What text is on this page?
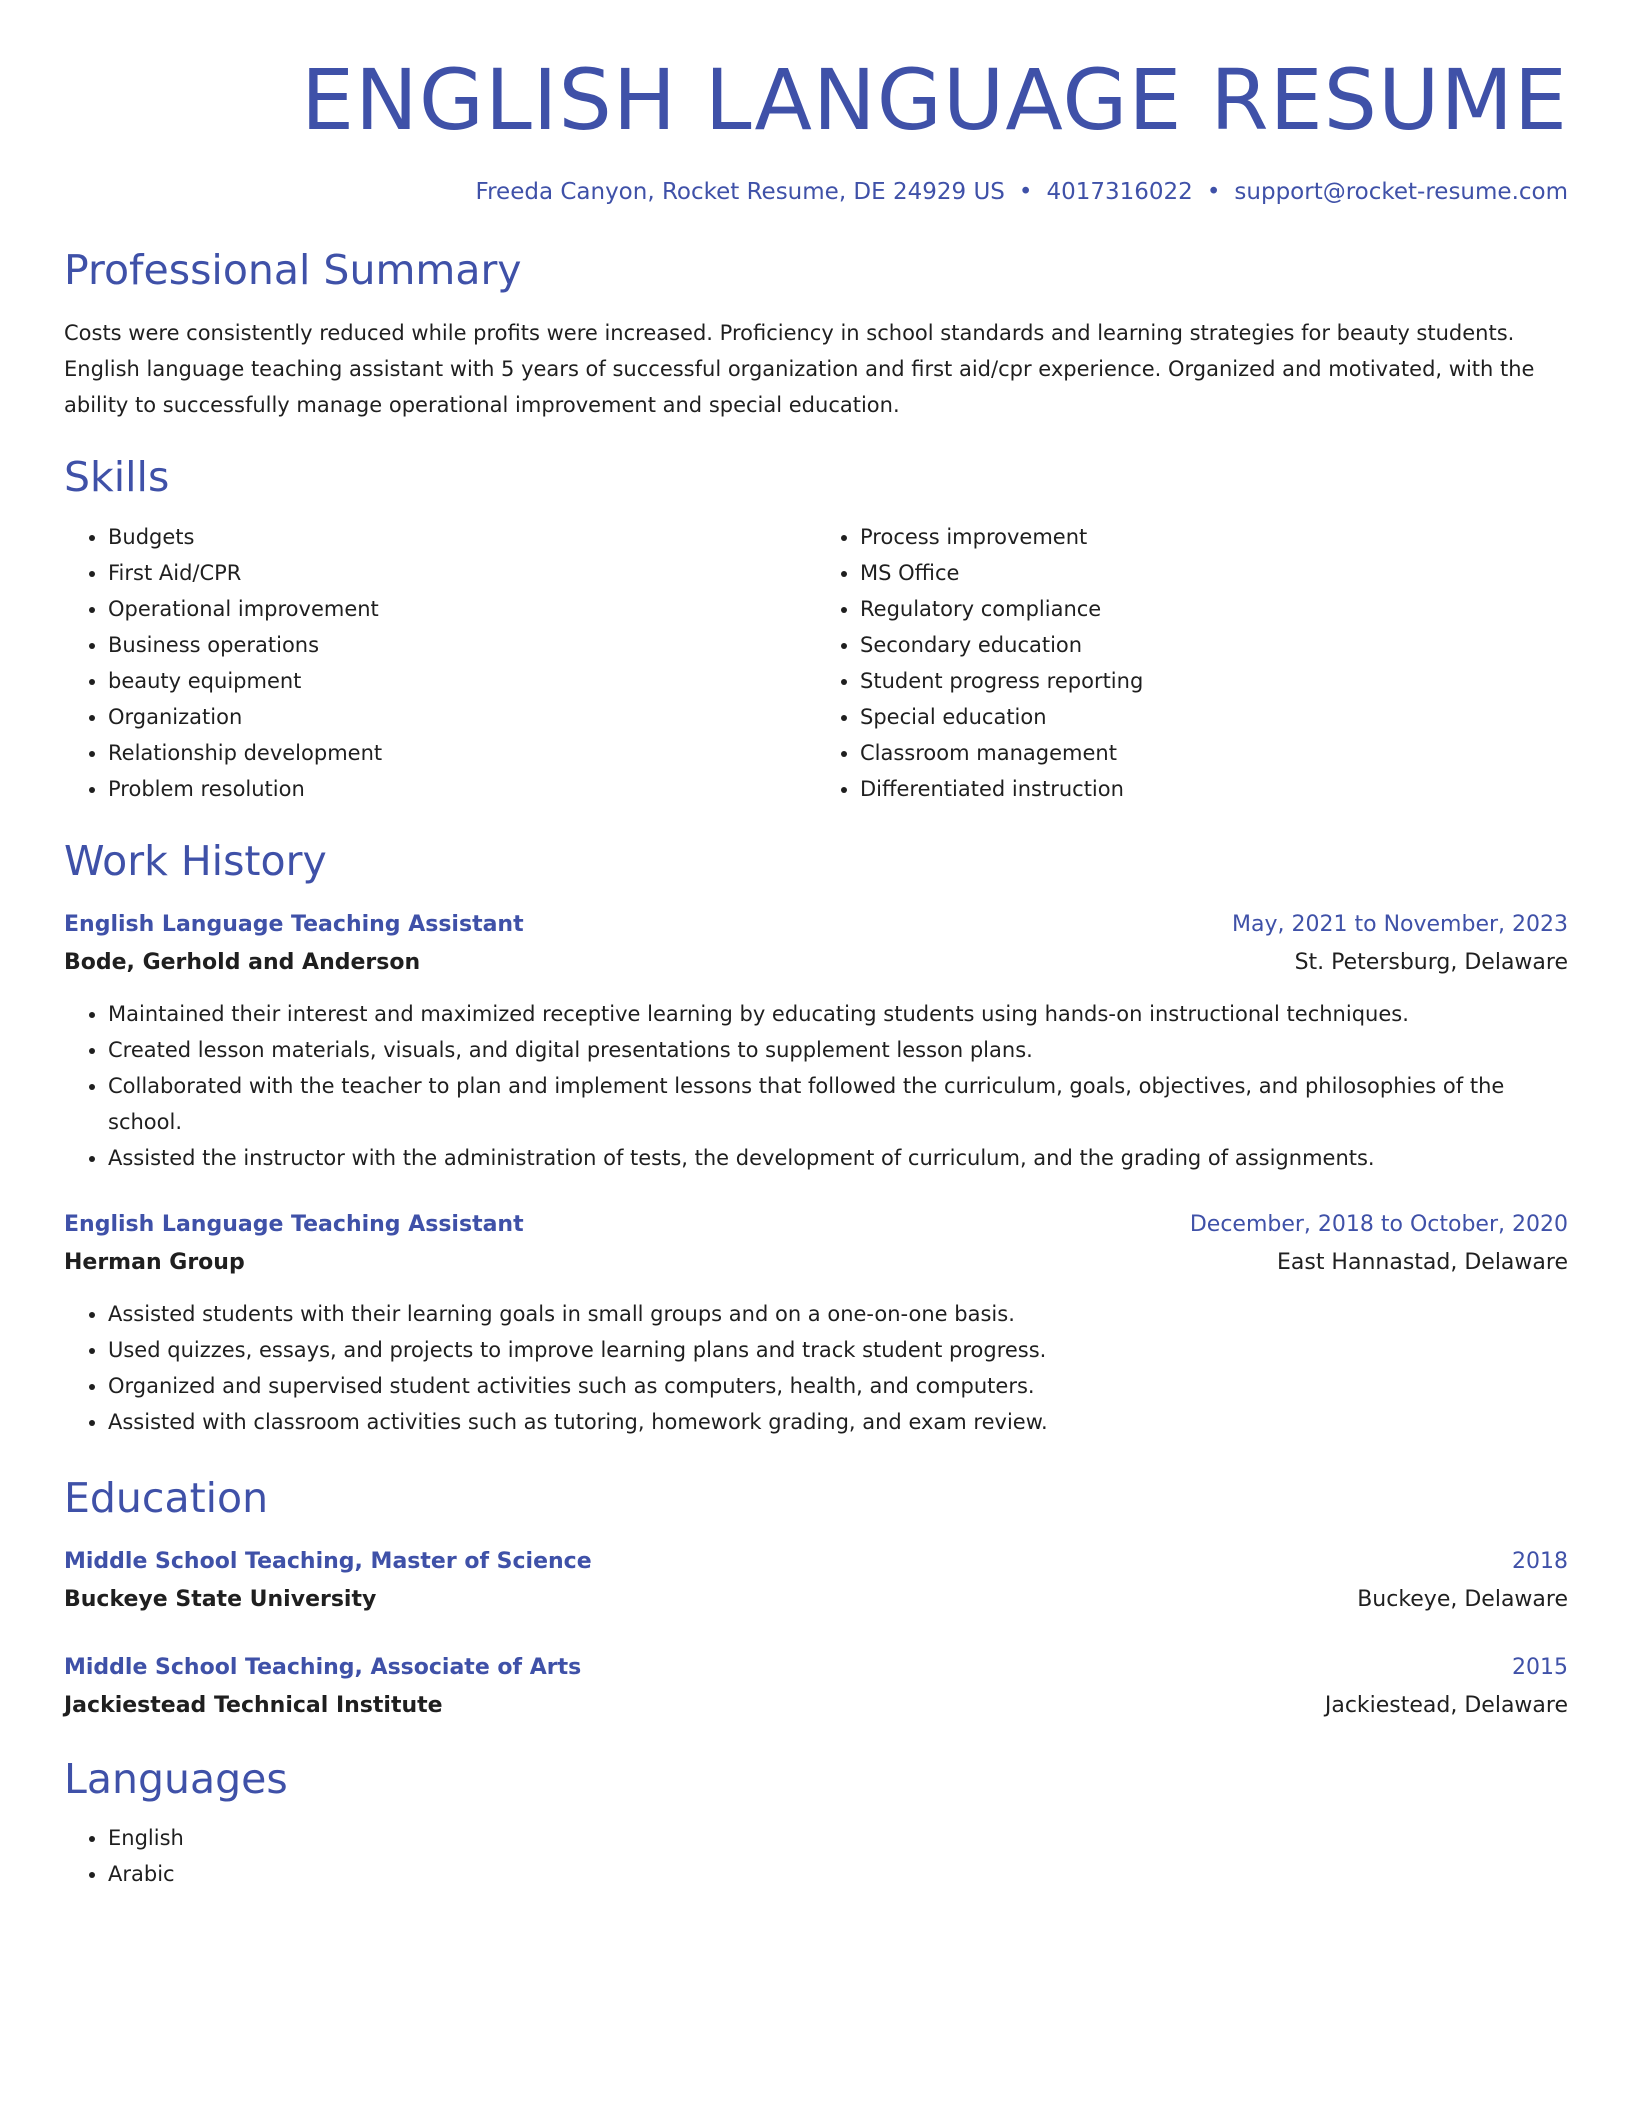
ENGLISH LANGUAGE RESUME
Freeda Canyon, Rocket Resume, DE 24929 US • 4017316022 • support@rocket-resume.com
Professional Summary

Costs were consistently reduced while profits were increased. Proficiency in school standards and learning strategies for beauty students. English language teaching assistant with 5 years of successful organization and first aid/cpr experience. Organized and motivated, with the ability to successfully manage operational improvement and special education.

Skills
• Budgets
• First Aid/CPR
• Operational improvement
• Business operations
• beauty equipment
• Organization
• Relationship development
• Problem resolution
• Process improvement
• MS Office
• Regulatory compliance
• Secondary education
• Student progress reporting
• Special education
• Classroom management
• Differentiated instruction
Work History
English Language Teaching Assistant	May, 2021 to November, 2023
Bode, Gerhold and Anderson	St. Petersburg, Delaware
• Maintained their interest and maximized receptive learning by educating students using hands-on instructional techniques.
• Created lesson materials, visuals, and digital presentations to supplement lesson plans.
• Collaborated with the teacher to plan and implement lessons that followed the curriculum, goals, objectives, and philosophies of the school.
• Assisted the instructor with the administration of tests, the development of curriculum, and the grading of assignments.
English Language Teaching Assistant	December, 2018 to October, 2020
Herman Group	East Hannastad, Delaware
• Assisted students with their learning goals in small groups and on a one-on-one basis.
• Used quizzes, essays, and projects to improve learning plans and track student progress.
• Organized and supervised student activities such as computers, health, and computers.
• Assisted with classroom activities such as tutoring, homework grading, and exam review.
Education
Middle School Teaching, Master of Science	2018
Buckeye State University	Buckeye, Delaware
Middle School Teaching, Associate of Arts	2015
Jackiestead Technical Institute	Jackiestead, Delaware
Languages
• English
• Arabic
